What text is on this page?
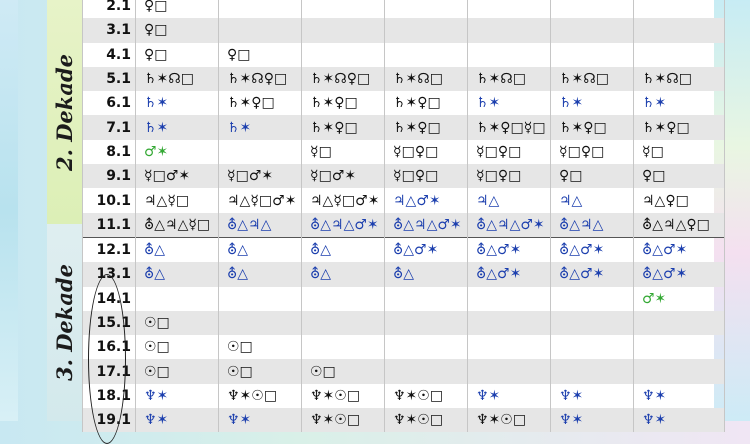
2. Dekade
3. Dekade
2.1	♀□						
3.1	♀□						
4.1	♀□	♀□					
5.1	♄✶☊□	♄✶☊♀□	♄✶☊♀□	♄✶☊□	♄✶☊□	♄✶☊□	♄✶☊□
6.1	♄✶	♄✶♀□	♄✶♀□	♄✶♀□	♄✶	♄✶	♄✶
7.1	♄✶	♄✶	♄✶♀□	♄✶♀□	♄✶♀□☿□	♄✶♀□	♄✶♀□
8.1	♂✶		☿□	☿□♀□	☿□♀□	☿□♀□	☿□
9.1	☿□♂✶	☿□♂✶	☿□♂✶	☿□♀□	☿□♀□	♀□	♀□
10.1	♃△☿□	♃△☿□♂✶	♃△☿□♂✶	♃△♂✶	♃△	♃△	♃△♀□
11.1	⛢△♃△☿□	⛢△♃△	⛢△♃△♂✶	⛢△♃△♂✶	⛢△♃△♂✶	⛢△♃△	⛢△♃△♀□
12.1	⛢△	⛢△	⛢△	⛢△♂✶	⛢△♂✶	⛢△♂✶	⛢△♂✶
13.1	⛢△	⛢△	⛢△	⛢△	⛢△♂✶	⛢△♂✶	⛢△♂✶
14.1							♂✶
15.1	☉□						
16.1	☉□	☉□					
17.1	☉□	☉□	☉□				
18.1	♆✶	♆✶☉□	♆✶☉□	♆✶☉□	♆✶	♆✶	♆✶
19.1	♆✶	♆✶	♆✶☉□	♆✶☉□	♆✶☉□	♆✶	♆✶
